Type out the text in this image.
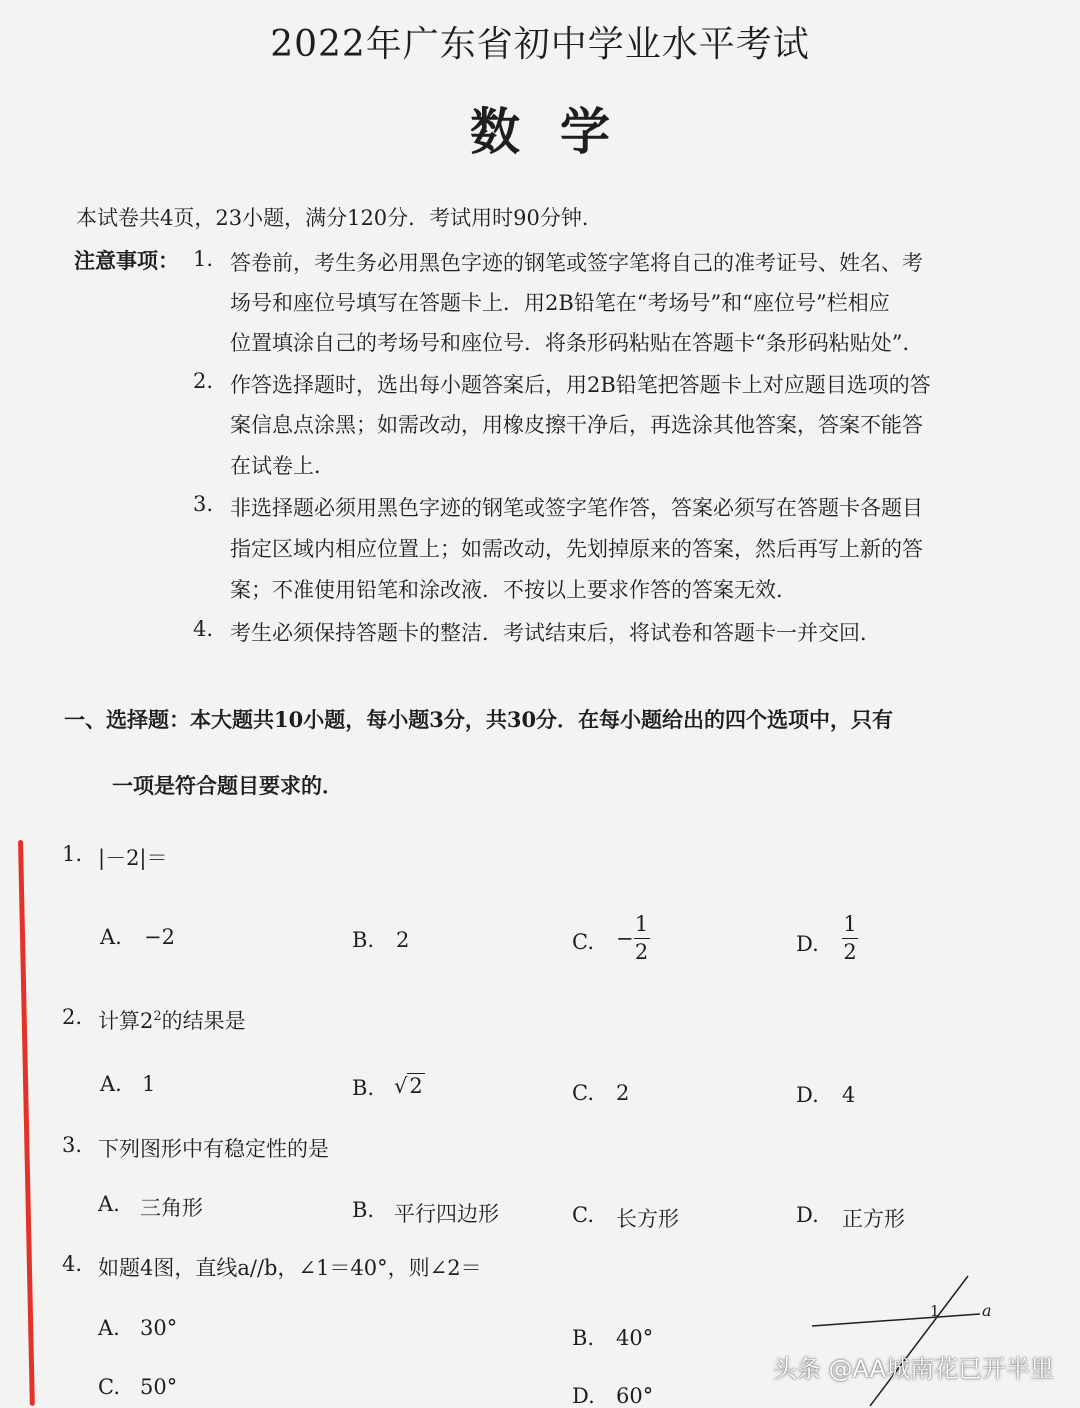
2022年广东省初中学业水平考试
数学
本试卷共4页，23小题，满分120分．考试用时90分钟．
注意事项： 1. 答卷前，考生务必用黑色字迹的钢笔或签字笔将自己的准考证号、姓名、考
场号和座位号填写在答题卡上．用2B铅笔在“考场号”和“座位号”栏相应
位置填涂自己的考场号和座位号．将条形码粘贴在答题卡“条形码粘贴处”．
2. 作答选择题时，选出每小题答案后，用2B铅笔把答题卡上对应题目选项的答
案信息点涂黑；如需改动，用橡皮擦干净后，再选涂其他答案，答案不能答
在试卷上．
3. 非选择题必须用黑色字迹的钢笔或签字笔作答，答案必须写在答题卡各题目
指定区域内相应位置上；如需改动，先划掉原来的答案，然后再写上新的答
案；不准使用铅笔和涂改液．不按以上要求作答的答案无效．
4. 考生必须保持答题卡的整洁．考试结束后，将试卷和答题卡一并交回．
一、选择题：本大题共10小题，每小题3分，共30分．在每小题给出的四个选项中，只有
一项是符合题目要求的．
1. |－2|＝
A. −2	B. 2	C. − $\frac{1}{2}$	D. $\frac{1}{2}$
2. 计算$2^2$的结果是
A. 1	B. √2	C. 2	D. 4
3. 下列图形中有稳定性的是
A. 三角形	B. 平行四边形	C. 长方形	D. 正方形
4. 如题4图，直线a//b，∠1＝40°，则∠2＝
A. 30°	B. 40°
C. 50°	D. 60°
1	a
头条 @AA城南花已开半里
